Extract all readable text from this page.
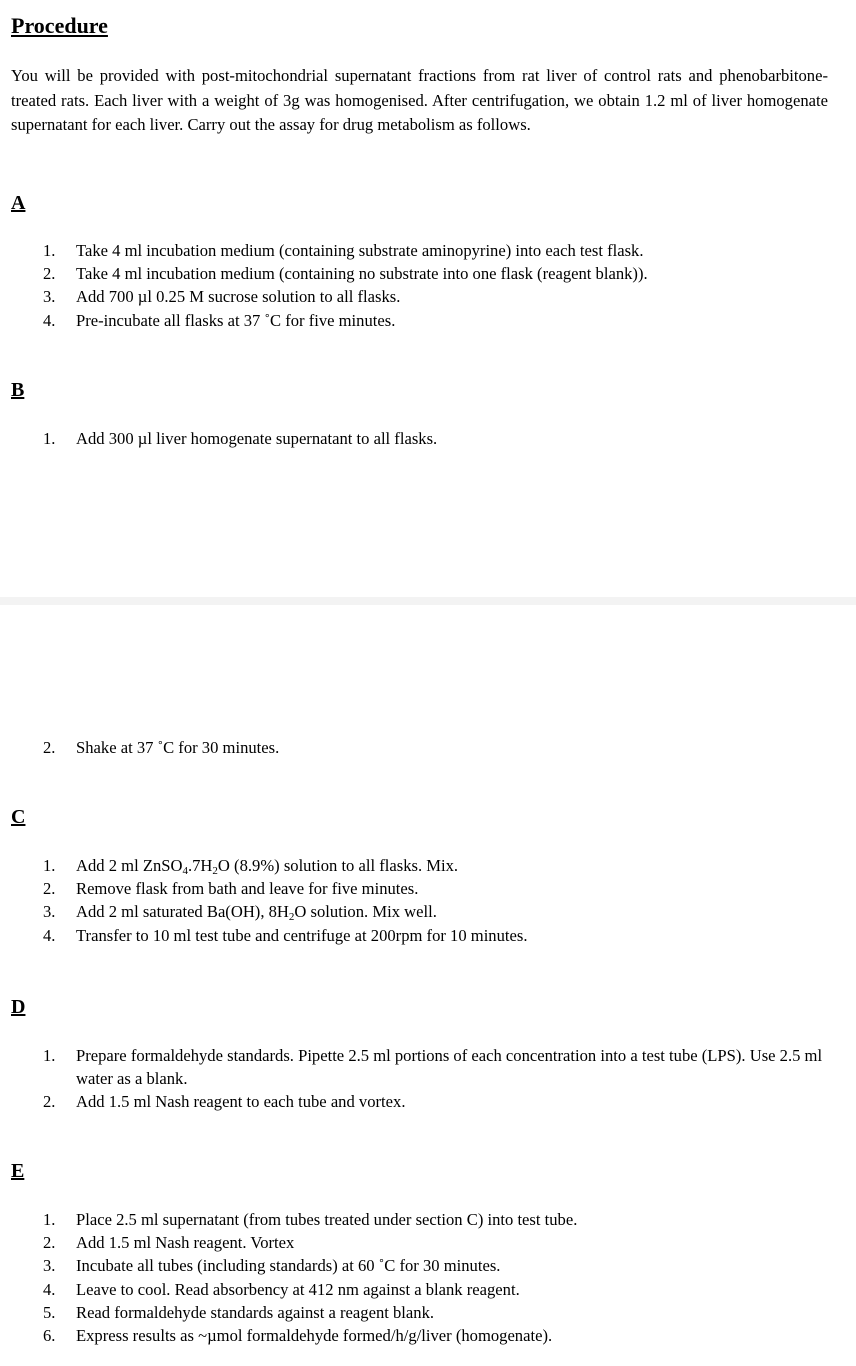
Procedure

You will be provided with post-mitochondrial supernatant fractions from rat liver of control rats and phenobarbitone-treated rats. Each liver with a weight of 3g was homogenised. After centrifugation, we obtain 1.2 ml of liver homogenate supernatant for each liver. Carry out the assay for drug metabolism as follows.

A
1. Take 4 ml incubation medium (containing substrate aminopyrine) into each test flask.
2. Take 4 ml incubation medium (containing no substrate into one flask (reagent blank)).
3. Add 700 µl 0.25 M sucrose solution to all flasks.
4. Pre-incubate all flasks at 37 ˚C for five minutes.
B
1. Add 300 µl liver homogenate supernatant to all flasks.
2. Shake at 37 ˚C for 30 minutes.
C
1. Add 2 ml $ZnSO_4.7H_2O$ (8.9%) solution to all flasks. Mix.
2. Remove flask from bath and leave for five minutes.
3. Add 2 ml saturated Ba(OH), $8H_2O$ solution. Mix well.
4. Transfer to 10 ml test tube and centrifuge at 200rpm for 10 minutes.
D
1. Prepare formaldehyde standards. Pipette 2.5 ml portions of each concentration into a test tube (LPS). Use 2.5 ml water as a blank.
2. Add 1.5 ml Nash reagent to each tube and vortex.
E
1. Place 2.5 ml supernatant (from tubes treated under section C) into test tube.
2. Add 1.5 ml Nash reagent. Vortex
3. Incubate all tubes (including standards) at 60 ˚C for 30 minutes.
4. Leave to cool. Read absorbency at 412 nm against a blank reagent.
5. Read formaldehyde standards against a reagent blank.
6. Express results as ~µmol formaldehyde formed/h/g/liver (homogenate).
